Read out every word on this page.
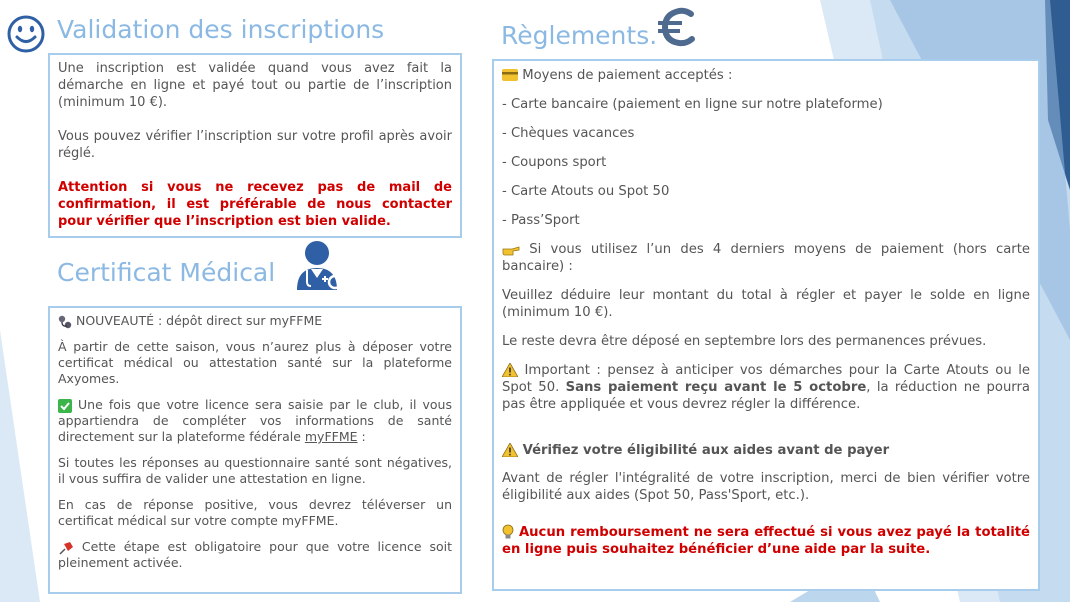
Validation des inscriptions

Une inscription est validée quand vous avez fait la démarche en ligne et payé tout ou partie de l’inscription (minimum 10 €).

Vous pouvez vérifier l’inscription sur votre profil après avoir réglé.

Attention si vous ne recevez pas de mail de confirmation, il est préférable de nous contacter pour vérifier que l’inscription est bien valide.

Certificat Médical

NOUVEAUTÉ : dépôt direct sur myFFME

À partir de cette saison, vous n’aurez plus à déposer votre certificat médical ou attestation santé sur la plateforme Axyomes.

Une fois que votre licence sera saisie par le club, il vous appartiendra de compléter vos informations de santé directement sur la plateforme fédérale myFFME :

Si toutes les réponses au questionnaire santé sont négatives, il vous suffira de valider une attestation en ligne.

En cas de réponse positive, vous devrez téléverser un certificat médical sur votre compte myFFME.

Cette étape est obligatoire pour que votre licence soit pleinement activée.

Règlements.

Moyens de paiement acceptés :

- Carte bancaire (paiement en ligne sur notre plateforme)

- Chèques vacances

- Coupons sport

- Carte Atouts ou Spot 50

- Pass’Sport

Si vous utilisez l’un des 4 derniers moyens de paiement (hors carte bancaire) :

Veuillez déduire leur montant du total à régler et payer le solde en ligne (minimum 10 €).

Le reste devra être déposé en septembre lors des permanences prévues.

Important : pensez à anticiper vos démarches pour la Carte Atouts ou le Spot 50. Sans paiement reçu avant le 5 octobre, la réduction ne pourra pas être appliquée et vous devrez régler la différence.

Vérifiez votre éligibilité aux aides avant de payer

Avant de régler l'intégralité de votre inscription, merci de bien vérifier votre éligibilité aux aides (Spot 50, Pass'Sport, etc.).

Aucun remboursement ne sera effectué si vous avez payé la totalité en ligne puis souhaitez bénéficier d’une aide par la suite.
